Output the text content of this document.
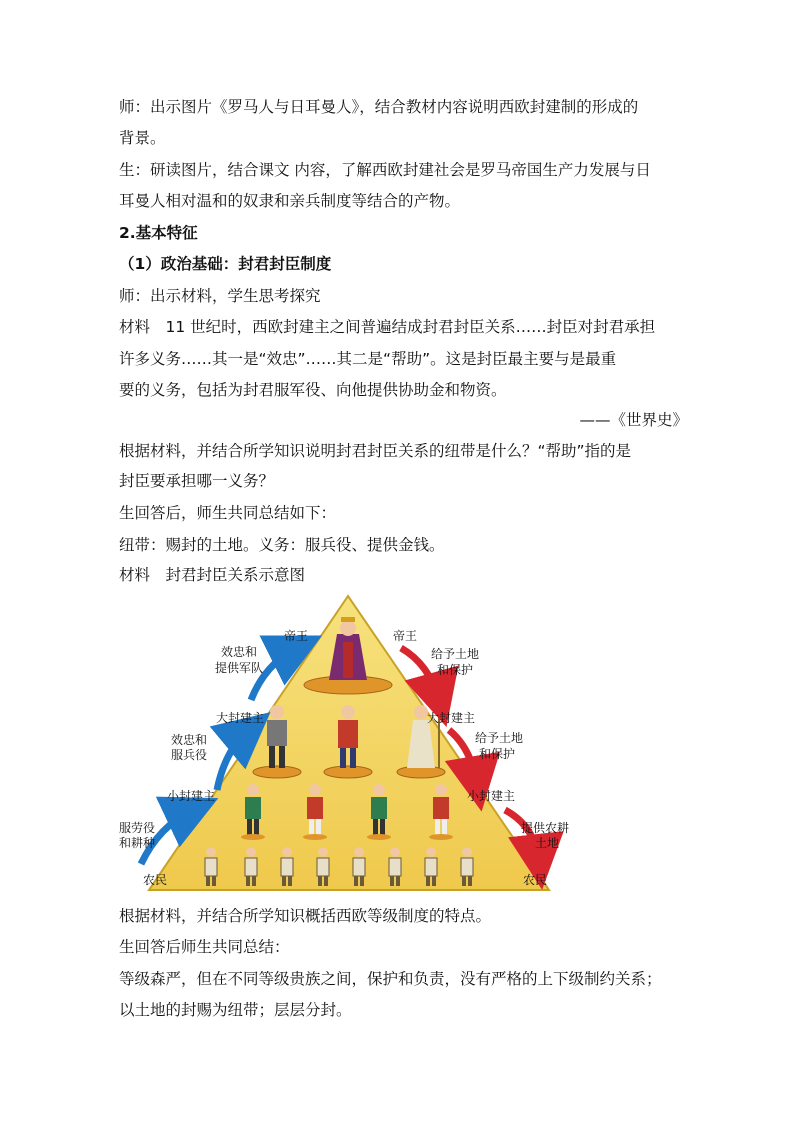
师：出示图片《罗马人与日耳曼人》，结合教材内容说明西欧封建制的形成的
背景。
生：研读图片，结合课文 内容，了解西欧封建社会是罗马帝国生产力发展与日
耳曼人相对温和的奴隶和亲兵制度等结合的产物。
2.基本特征
（1）政治基础：封君封臣制度
师：出示材料，学生思考探究
材料　11 世纪时，西欧封建主之间普遍结成封君封臣关系……封臣对封君承担
许多义务……其一是“效忠”……其二是“帮助”。这是封臣最主要与是最重
要的义务，包括为封君服军役、向他提供协助金和物资。
——《世界史》
根据材料，并结合所学知识说明封君封臣关系的纽带是什么？“帮助”指的是
封臣要承担哪一义务？
生回答后，师生共同总结如下：
纽带：赐封的土地。义务：服兵役、提供金钱。
材料　封君封臣关系示意图
帝王
大封建主
小封建主
农民
帝王
大封建主
小封建主
农民
效忠和
提供军队
效忠和
服兵役
服劳役
和耕种
给予土地
和保护
给予土地
和保护
提供农耕
土地
根据材料，并结合所学知识概括西欧等级制度的特点。
生回答后师生共同总结：
等级森严，但在不同等级贵族之间，保护和负责，没有严格的上下级制约关系；
以土地的封赐为纽带；层层分封。
